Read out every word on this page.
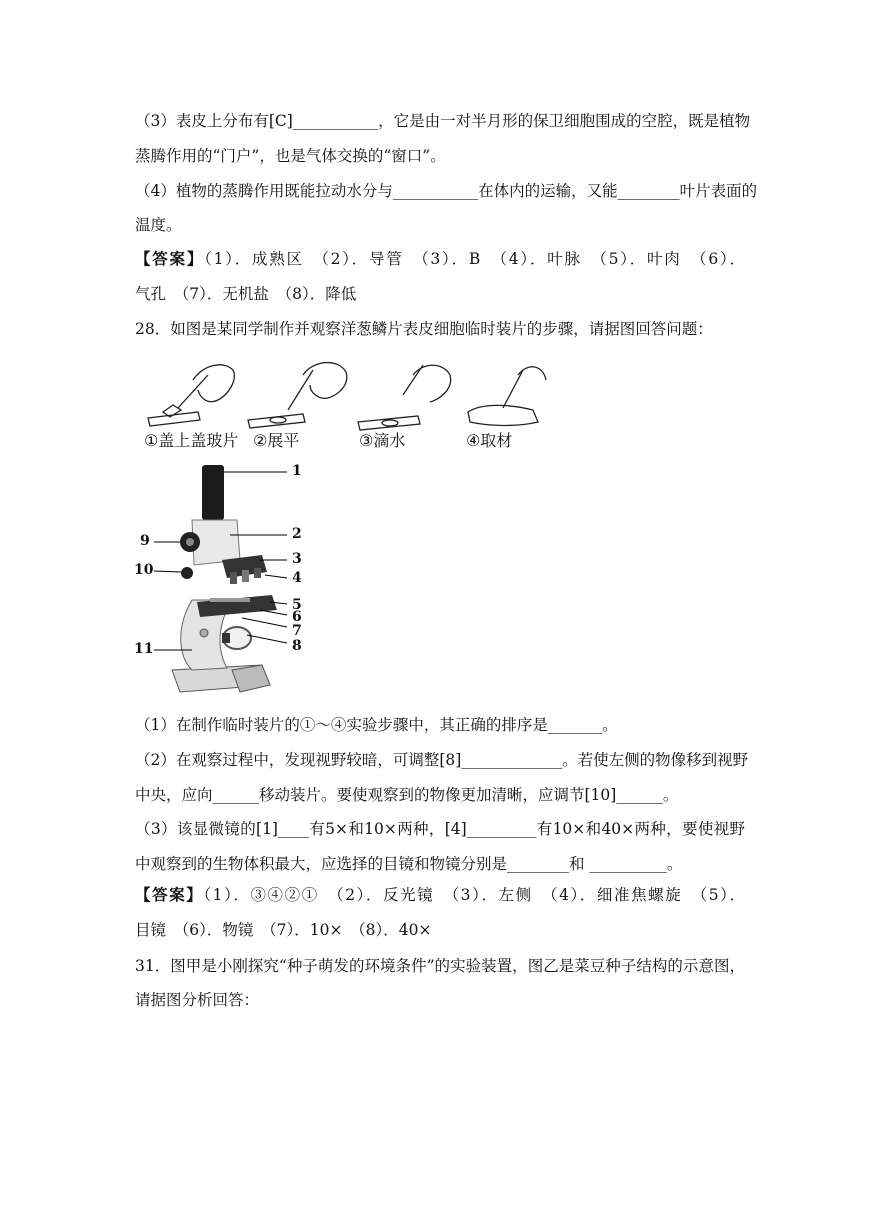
（3）表皮上分布有[C]___________，它是由一对半月形的保卫细胞围成的空腔，既是植物
蒸腾作用的“门户”，也是气体交换的“窗口”。
（4）植物的蒸腾作用既能拉动水分与___________在体内的运输，又能________叶片表面的
温度。
【答案】（1）．成熟区　（2）．导管　（3）．B　（4）．叶脉　（5）．叶肉　（6）．
气孔　（7）．无机盐　（8）．降低
28．如图是某同学制作并观察洋葱鳞片表皮细胞临时装片的步骤，请据图回答问题：
①盖上盖玻片 ②展平	③滴水	④取材
1
2
3
4
5
6
7
8
9
10
11
（1）在制作临时装片的①～④实验步骤中，其正确的排序是_______。
（2）在观察过程中，发现视野较暗，可调整[8]_____________。若使左侧的物像移到视野
中央，应向______移动装片。要使观察到的物像更加清晰，应调节[10]______。
（3）该显微镜的[1]____有5×和10×两种，[4]_________有10×和40×两种，要使视野
中观察到的生物体积最大，应选择的目镜和物镜分别是________和 __________。
【答案】（1）．③④②①　（2）．反光镜　（3）．左侧　（4）．细准焦螺旋　（5）．
目镜　（6）．物镜　（7）．10×　（8）．40×
31．图甲是小刚探究“种子萌发的环境条件”的实验装置，图乙是菜豆种子结构的示意图，
请据图分析回答：
